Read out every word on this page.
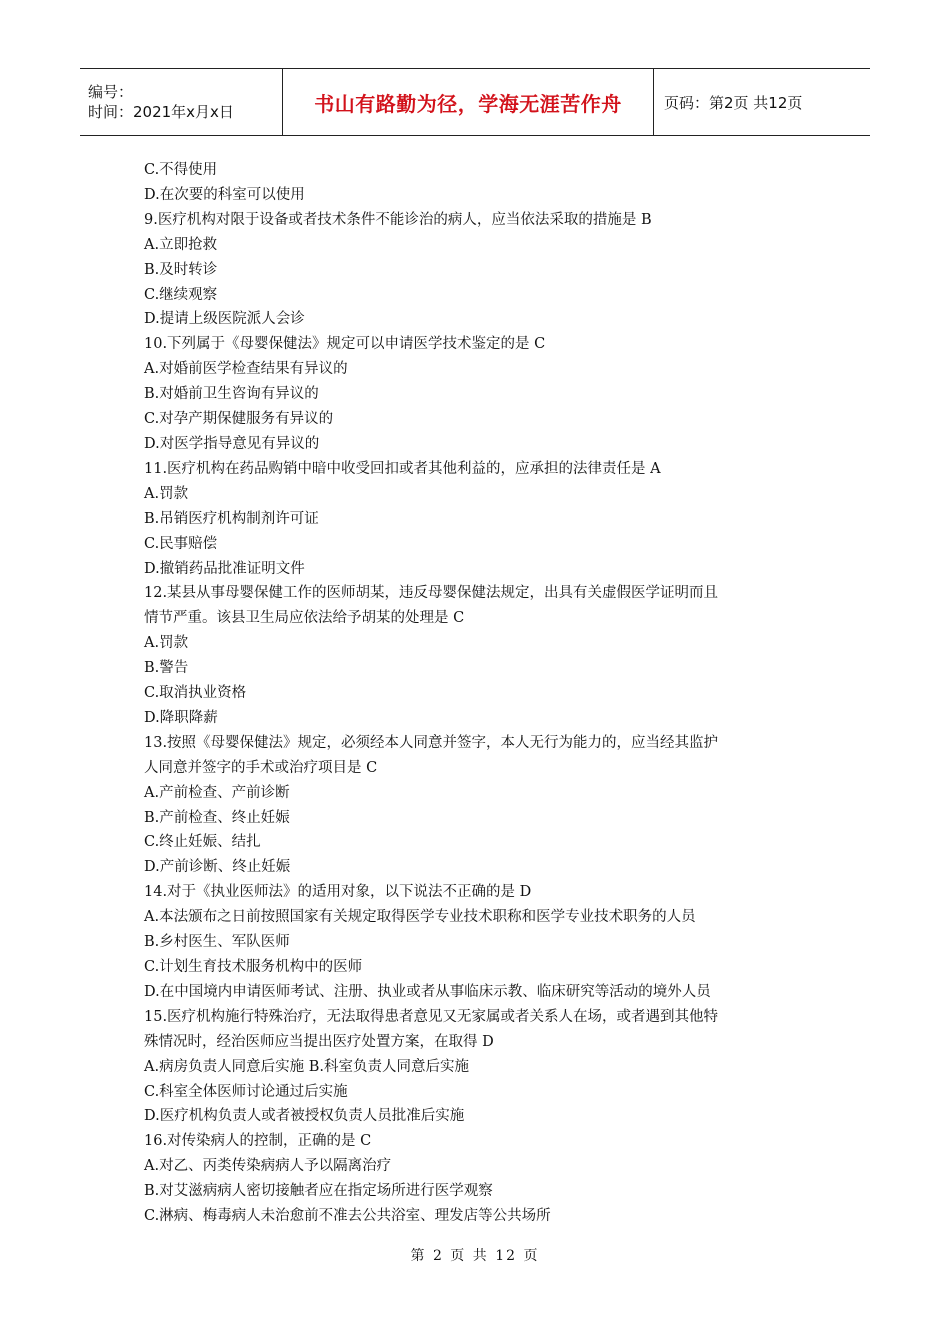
编号：
时间：2021年x月x日	书山有路勤为径，学海无涯苦作舟	页码：第2页 共12页
C.不得使用
D.在次要的科室可以使用
9.医疗机构对限于设备或者技术条件不能诊治的病人，应当依法采取的措施是 B
A.立即抢救
B.及时转诊
C.继续观察
D.提请上级医院派人会诊
10.下列属于《母婴保健法》规定可以申请医学技术鉴定的是 C
A.对婚前医学检查结果有异议的
B.对婚前卫生咨询有异议的
C.对孕产期保健服务有异议的
D.对医学指导意见有异议的
11.医疗机构在药品购销中暗中收受回扣或者其他利益的，应承担的法律责任是 A
A.罚款
B.吊销医疗机构制剂许可证
C.民事赔偿
D.撤销药品批准证明文件
12.某县从事母婴保健工作的医师胡某，违反母婴保健法规定，出具有关虚假医学证明而且
情节严重。该县卫生局应依法给予胡某的处理是 C
A.罚款
B.警告
C.取消执业资格
D.降职降薪
13.按照《母婴保健法》规定，必须经本人同意并签字，本人无行为能力的，应当经其监护
人同意并签字的手术或治疗项目是 C
A.产前检查、产前诊断
B.产前检查、终止妊娠
C.终止妊娠、结扎
D.产前诊断、终止妊娠
14.对于《执业医师法》的适用对象，以下说法不正确的是 D
A.本法颁布之日前按照国家有关规定取得医学专业技术职称和医学专业技术职务的人员
B.乡村医生、军队医师
C.计划生育技术服务机构中的医师
D.在中国境内申请医师考试、注册、执业或者从事临床示教、临床研究等活动的境外人员
15.医疗机构施行特殊治疗，无法取得患者意见又无家属或者关系人在场，或者遇到其他特
殊情况时，经治医师应当提出医疗处置方案，在取得 D
A.病房负责人同意后实施 B.科室负责人同意后实施
C.科室全体医师讨论通过后实施
D.医疗机构负责人或者被授权负责人员批准后实施
16.对传染病人的控制，正确的是 C
A.对乙、丙类传染病病人予以隔离治疗
B.对艾滋病病人密切接触者应在指定场所进行医学观察
C.淋病、梅毒病人未治愈前不准去公共浴室、理发店等公共场所
第 2 页 共 12 页
